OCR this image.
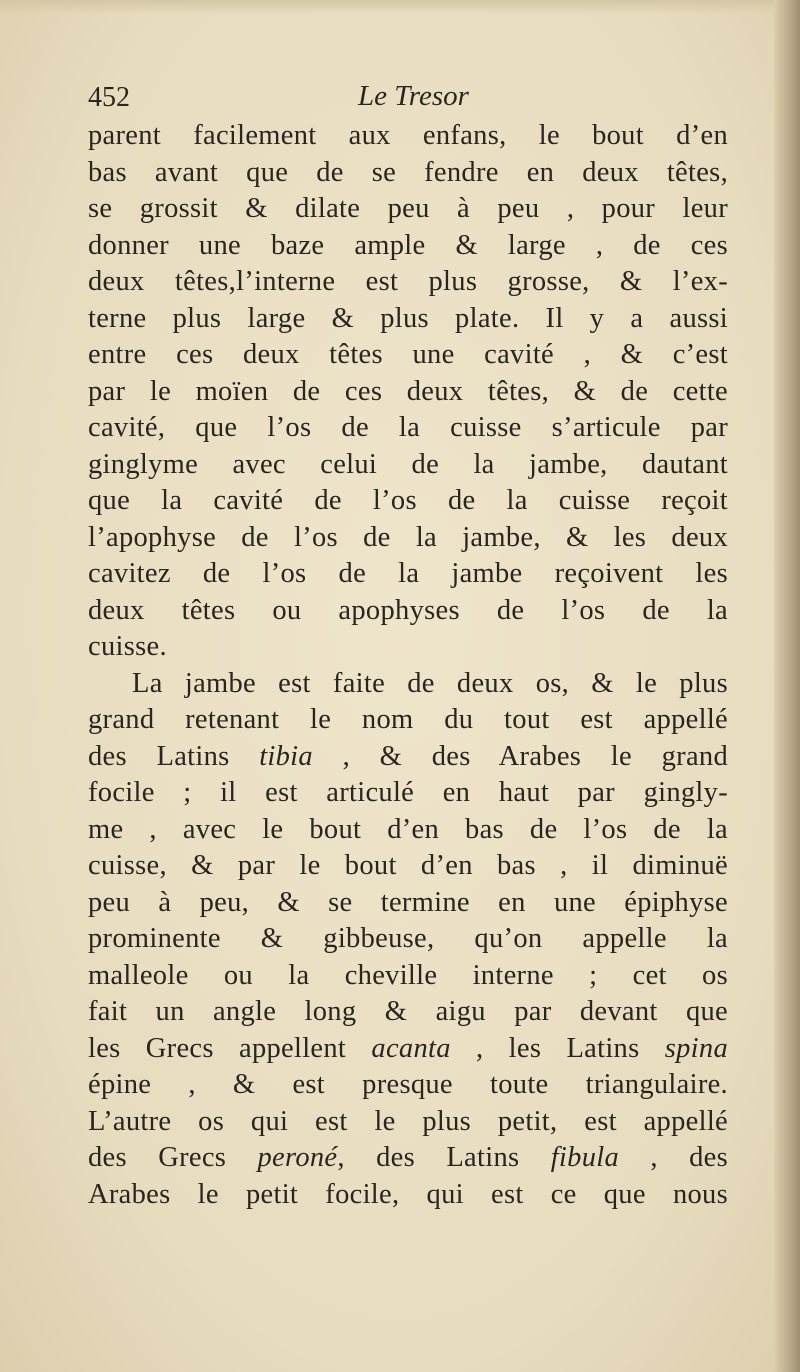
452	Le Tresor
parent facilement aux enfans, le bout d’en
bas avant que de se fendre en deux têtes,
se grossit & dilate peu à peu , pour leur
donner une baze ample & large , de ces
deux têtes,l’interne est plus grosse, & l’ex-
terne plus large & plus plate. Il y a aussi
entre ces deux têtes une cavité , & c’est
par le moïen de ces deux têtes, & de cette
cavité, que l’os de la cuisse s’articule par
ginglyme avec celui de la jambe, dautant
que la cavité de l’os de la cuisse reçoit
l’apophyse de l’os de la jambe, & les deux
cavitez de l’os de la jambe reçoivent les
deux têtes ou apophyses de l’os de la
cuisse.
La jambe est faite de deux os, & le plus
grand retenant le nom du tout est appellé
des Latins tibia , & des Arabes le grand
focile ; il est articulé en haut par gingly-
me , avec le bout d’en bas de l’os de la
cuisse, & par le bout d’en bas , il diminuë
peu à peu, & se termine en une épiphyse
prominente & gibbeuse, qu’on appelle la
malleole ou la cheville interne ; cet os
fait un angle long & aigu par devant que
les Grecs appellent acanta , les Latins spina
épine , & est presque toute triangulaire.
L’autre os qui est le plus petit, est appellé
des Grecs peroné, des Latins fibula , des
Arabes le petit focile, qui est ce que nous
